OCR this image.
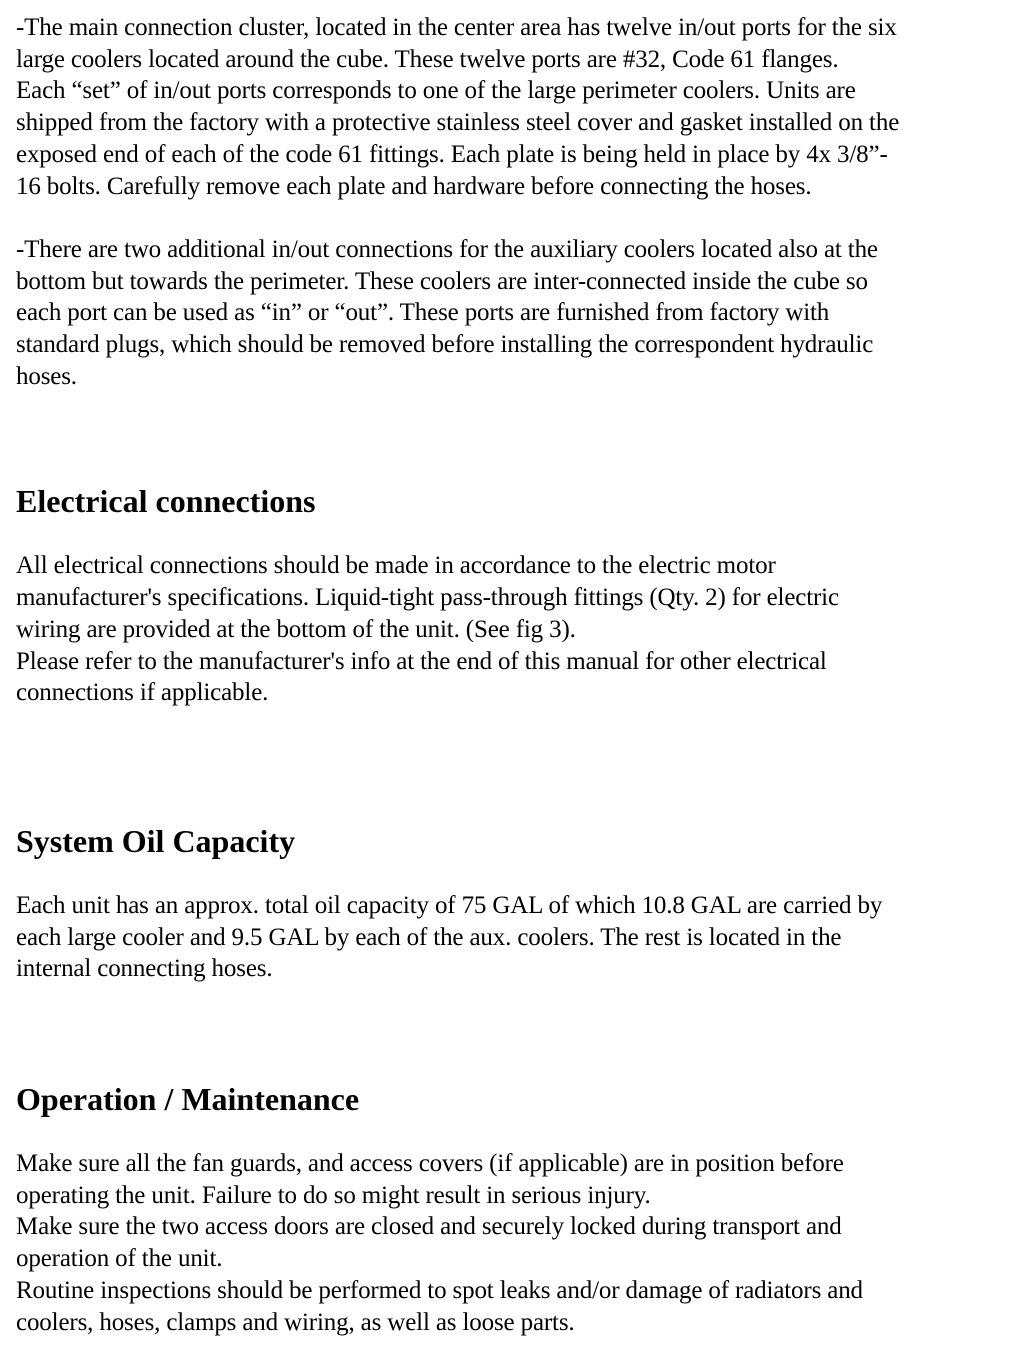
-The main connection cluster, located in the center area has twelve in/out ports for the six
large coolers located around the cube. These twelve ports are #32, Code 61 flanges.
Each “set” of in/out ports corresponds to one of the large perimeter coolers. Units are
shipped from the factory with a protective stainless steel cover and gasket installed on the
exposed end of each of the code 61 fittings. Each plate is being held in place by 4x 3/8”-
16 bolts. Carefully remove each plate and hardware before connecting the hoses.

-There are two additional in/out connections for the auxiliary coolers located also at the
bottom but towards the perimeter. These coolers are inter-connected inside the cube so
each port can be used as “in” or “out”. These ports are furnished from factory with
standard plugs, which should be removed before installing the correspondent hydraulic
hoses.

Electrical connections

All electrical connections should be made in accordance to the electric motor
manufacturer's specifications. Liquid-tight pass-through fittings (Qty. 2) for electric
wiring are provided at the bottom of the unit. (See fig 3).
Please refer to the manufacturer's info at the end of this manual for other electrical
connections if applicable.

System Oil Capacity

Each unit has an approx. total oil capacity of 75 GAL of which 10.8 GAL are carried by
each large cooler and 9.5 GAL by each of the aux. coolers. The rest is located in the
internal connecting hoses.

Operation / Maintenance

Make sure all the fan guards, and access covers (if applicable) are in position before
operating the unit. Failure to do so might result in serious injury.
Make sure the two access doors are closed and securely locked during transport and
operation of the unit.
Routine inspections should be performed to spot leaks and/or damage of radiators and
coolers, hoses, clamps and wiring, as well as loose parts.
